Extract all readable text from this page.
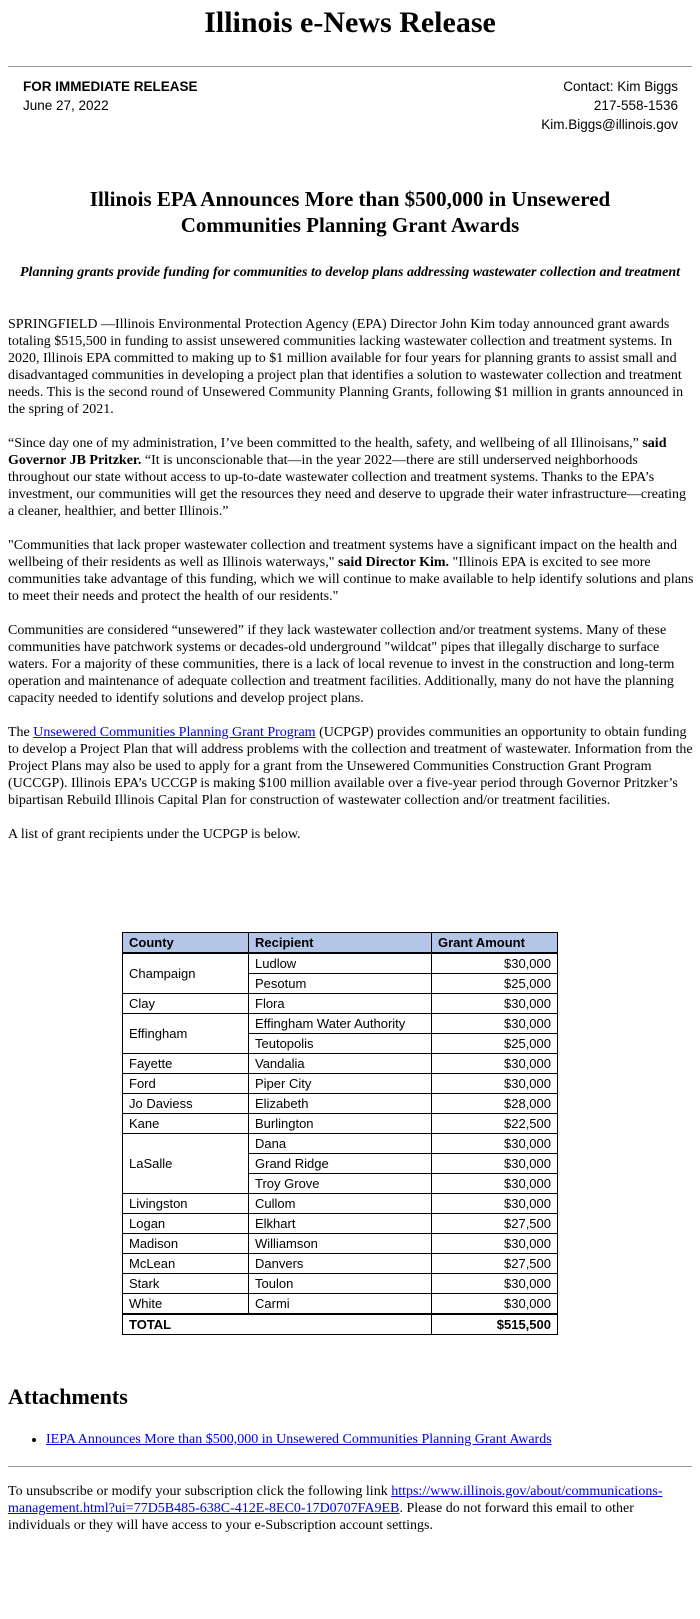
Illinois e-News Release
FOR IMMEDIATE RELEASE
June 27, 2022
Contact: Kim Biggs
217-558-1536
Kim.Biggs@illinois.gov
Illinois EPA Announces More than $500,000 in Unsewered Communities Planning Grant Awards
Planning grants provide funding for communities to develop plans addressing wastewater collection and treatment

SPRINGFIELD —Illinois Environmental Protection Agency (EPA) Director John Kim today announced grant awards totaling $515,500 in funding to assist unsewered communities lacking wastewater collection and treatment systems. In 2020, Illinois EPA committed to making up to $1 million available for four years for planning grants to assist small and disadvantaged communities in developing a project plan that identifies a solution to wastewater collection and treatment needs. This is the second round of Unsewered Community Planning Grants, following $1 million in grants announced in the spring of 2021.

“Since day one of my administration, I’ve been committed to the health, safety, and wellbeing of all Illinoisans,” said Governor JB Pritzker. “It is unconscionable that—in the year 2022—there are still underserved neighborhoods throughout our state without access to up-to-date wastewater collection and treatment systems. Thanks to the EPA’s investment, our communities will get the resources they need and deserve to upgrade their water infrastructure—creating a cleaner, healthier, and better Illinois.”

"Communities that lack proper wastewater collection and treatment systems have a significant impact on the health and wellbeing of their residents as well as Illinois waterways," said Director Kim. "Illinois EPA is excited to see more communities take advantage of this funding, which we will continue to make available to help identify solutions and plans to meet their needs and protect the health of our residents."

Communities are considered “unsewered” if they lack wastewater collection and/or treatment systems. Many of these communities have patchwork systems or decades-old underground "wildcat" pipes that illegally discharge to surface waters. For a majority of these communities, there is a lack of local revenue to invest in the construction and long-term operation and maintenance of adequate collection and treatment facilities. Additionally, many do not have the planning capacity needed to identify solutions and develop project plans.

The Unsewered Communities Planning Grant Program (UCPGP) provides communities an opportunity to obtain funding to develop a Project Plan that will address problems with the collection and treatment of wastewater. Information from the Project Plans may also be used to apply for a grant from the Unsewered Communities Construction Grant Program (UCCGP). Illinois EPA’s UCCGP is making $100 million available over a five-year period through Governor Pritzker’s bipartisan Rebuild Illinois Capital Plan for construction of wastewater collection and/or treatment facilities.

A list of grant recipients under the UCPGP is below.

County	Recipient	Grant Amount
Champaign	Ludlow	$30,000
	Pesotum	$25,000
Clay	Flora	$30,000
Effingham	Effingham Water Authority	$30,000
	Teutopolis	$25,000
Fayette	Vandalia	$30,000
Ford	Piper City	$30,000
Jo Daviess	Elizabeth	$28,000
Kane	Burlington	$22,500
LaSalle	Dana	$30,000
	Grand Ridge	$30,000
	Troy Grove	$30,000
Livingston	Cullom	$30,000
Logan	Elkhart	$27,500
Madison	Williamson	$30,000
McLean	Danvers	$27,500
Stark	Toulon	$30,000
White	Carmi	$30,000
TOTAL		$515,500
Attachments
• IEPA Announces More than $500,000 in Unsewered Communities Planning Grant Awards
To unsubscribe or modify your subscription click the following link https://www.illinois.gov/about/communications-management.html?ui=77D5B485-638C-412E-8EC0-17D0707FA9EB. Please do not forward this email to other individuals or they will have access to your e-Subscription account settings.
